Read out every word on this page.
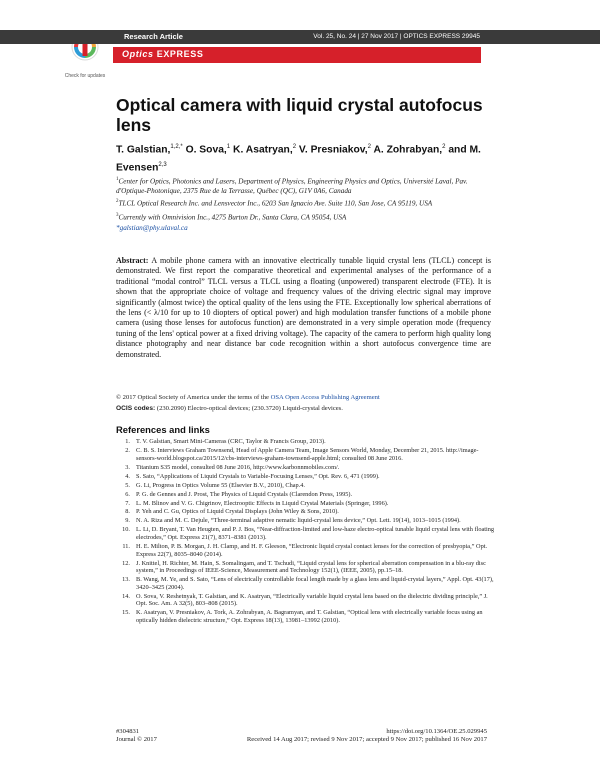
Check for updates
Research Article	Vol. 25, No. 24 | 27 Nov 2017 | OPTICS EXPRESS 29945
Optics EXPRESS
Optical camera with liquid crystal autofocus lens
T. Galstian,$^{1,2,*}$ O. Sova,$^1$ K. Asatryan,$^2$ V. Presniakov,$^2$ A. Zohrabyan,$^2$ and M. Evensen$^{2,3}$

$^1$Center for Optics, Photonics and Lasers, Department of Physics, Engineering Physics and Optics, Université Laval, Pav. d'Optique-Photonique, 2375 Rue de la Terrasse, Québec (QC), G1V 0A6, Canada

$^2$TLCL Optical Research Inc. and Lensvector Inc., 6203 San Ignacio Ave. Suite 110, San Jose, CA 95119, USA

$^3$Currently with Omnivision Inc., 4275 Burton Dr., Santa Clara, CA 95054, USA

*galstian@phy.ulaval.ca

Abstract: A mobile phone camera with an innovative electrically tunable liquid crystal lens (TLCL) concept is demonstrated. We first report the comparative theoretical and experimental analyses of the performance of a traditional “modal control” TLCL versus a TLCL using a floating (unpowered) transparent electrode (FTE). It is shown that the appropriate choice of voltage and frequency values of the driving electric signal may improve significantly (almost twice) the optical quality of the lens using the FTE. Exceptionally low spherical aberrations of the lens (< λ/10 for up to 10 diopters of optical power) and high modulation transfer functions of a mobile phone camera (using those lenses for autofocus function) are demonstrated in a very simple operation mode (frequency tuning of the lens' optical power at a fixed driving voltage). The capacity of the camera to perform high quality long distance photography and near distance bar code recognition within a short autofocus convergence time are demonstrated.
© 2017 Optical Society of America under the terms of the OSA Open Access Publishing Agreement
OCIS codes: (230.2090) Electro-optical devices; (230.3720) Liquid-crystal devices.
References and links
1. T. V. Galstian, Smart Mini-Cameras (CRC, Taylor & Francis Group, 2013).
2. C. B. S. Interviews Graham Townsend, Head of Apple Camera Team, Image Sensors World, Monday, December 21, 2015. http://image-sensors-world.blogspot.ca/2015/12/cbs-interviews-graham-townsend-apple.html; consulted 08 June 2016.
3. Titanium S35 model, consulted 08 June 2016, http://www.karbonnmobiles.com/.
4. S. Sato, “Applications of Liquid Crystals to Variable-Focusing Lenses,” Opt. Rev. 6, 471 (1999).
5. G. Li, Progress in Optics Volume 55 (Elsevier B.V., 2010), Chap.4.
6. P. G. de Gennes and J. Prost, The Physics of Liquid Crystals (Clarendon Press, 1995).
7. L. M. Blinov and V. G. Chigrinov, Electrooptic Effects in Liquid Crystal Materials (Springer, 1996).
8. P. Yeh and C. Gu, Optics of Liquid Crystal Displays (John Wiley & Sons, 2010).
9. N. A. Riza and M. C. Dejule, “Three-terminal adaptive nematic liquid-crystal lens device,” Opt. Lett. 19(14), 1013–1015 (1994).
10. L. Li, D. Bryant, T. Van Heugten, and P. J. Bos, “Near-diffraction-limited and low-haze electro-optical tunable liquid crystal lens with floating electrodes,” Opt. Express 21(7), 8371–8381 (2013).
11. H. E. Milton, P. B. Morgan, J. H. Clamp, and H. F. Gleeson, “Electronic liquid crystal contact lenses for the correction of presbyopia,” Opt. Express 22(7), 8035–8040 (2014).
12. J. Knittel, H. Richter, M. Hain, S. Somalingam, and T. Tschudi, “Liquid crystal lens for spherical aberration compensation in a blu-ray disc system,” in Proceedings of IEEE-Science, Measurement and Technology 152(1), (IEEE, 2005), pp.15–18.
13. B. Wang, M. Ye, and S. Sato, “Lens of electrically controllable focal length made by a glass lens and liquid-crystal layers,” Appl. Opt. 43(17), 3420–3425 (2004).
14. O. Sova, V. Reshetnyak, T. Galstian, and K. Asatryan, “Electrically variable liquid crystal lens based on the dielectric dividing principle,” J. Opt. Soc. Am. A 32(5), 803–808 (2015).
15. K. Asatryan, V. Presniakov, A. Tork, A. Zohrabyan, A. Bagramyan, and T. Galstian, “Optical lens with electrically variable focus using an optically hidden dielectric structure,” Opt. Express 18(13), 13981–13992 (2010).
#304831
Journal © 2017
https://doi.org/10.1364/OE.25.029945
Received 14 Aug 2017; revised 9 Nov 2017; accepted 9 Nov 2017; published 16 Nov 2017
